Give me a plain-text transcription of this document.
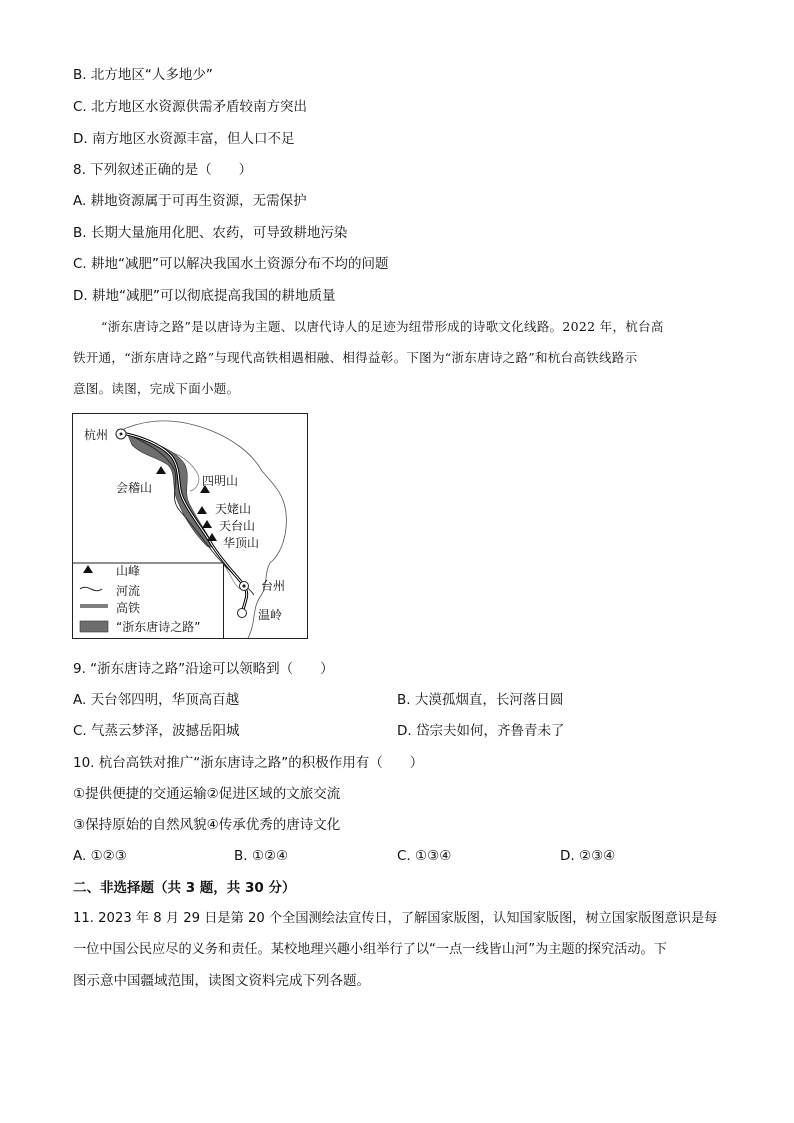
B. 北方地区“人多地少”
C. 北方地区水资源供需矛盾较南方突出
D. 南方地区水资源丰富，但人口不足
8. 下列叙述正确的是（　　）
A. 耕地资源属于可再生资源，无需保护
B. 长期大量施用化肥、农药，可导致耕地污染
C. 耕地“减肥”可以解决我国水土资源分布不均的问题
D. 耕地“减肥”可以彻底提高我国的耕地质量
“浙东唐诗之路”是以唐诗为主题、以唐代诗人的足迹为纽带形成的诗歌文化线路。2022 年，杭台高
铁开通，“浙东唐诗之路”与现代高铁相遇相融、相得益彰。下图为“浙东唐诗之路”和杭台高铁线路示
意图。读图，完成下面小题。
杭州
会稽山	四明山
天姥山
天台山
华顶山
台州
温岭
山峰
河流
高铁
“浙东唐诗之路”
9. “浙东唐诗之路”沿途可以领略到（　　）
A. 天台邻四明，华顶高百越	B. 大漠孤烟直，长河落日圆
C. 气蒸云梦泽，波撼岳阳城	D. 岱宗夫如何，齐鲁青未了
10. 杭台高铁对推广“浙东唐诗之路”的积极作用有（　　）
①提供便捷的交通运输②促进区域的文旅交流
③保持原始的自然风貌④传承优秀的唐诗文化
A. ①②③	B. ①②④	C. ①③④	D. ②③④
二、非选择题（共 3 题，共 30 分）
11. 2023 年 8 月 29 日是第 20 个全国测绘法宣传日，了解国家版图，认知国家版图，树立国家版图意识是每
一位中国公民应尽的义务和责任。某校地理兴趣小组举行了以“一点一线皆山河”为主题的探究活动。下
图示意中国疆域范围，读图文资料完成下列各题。
